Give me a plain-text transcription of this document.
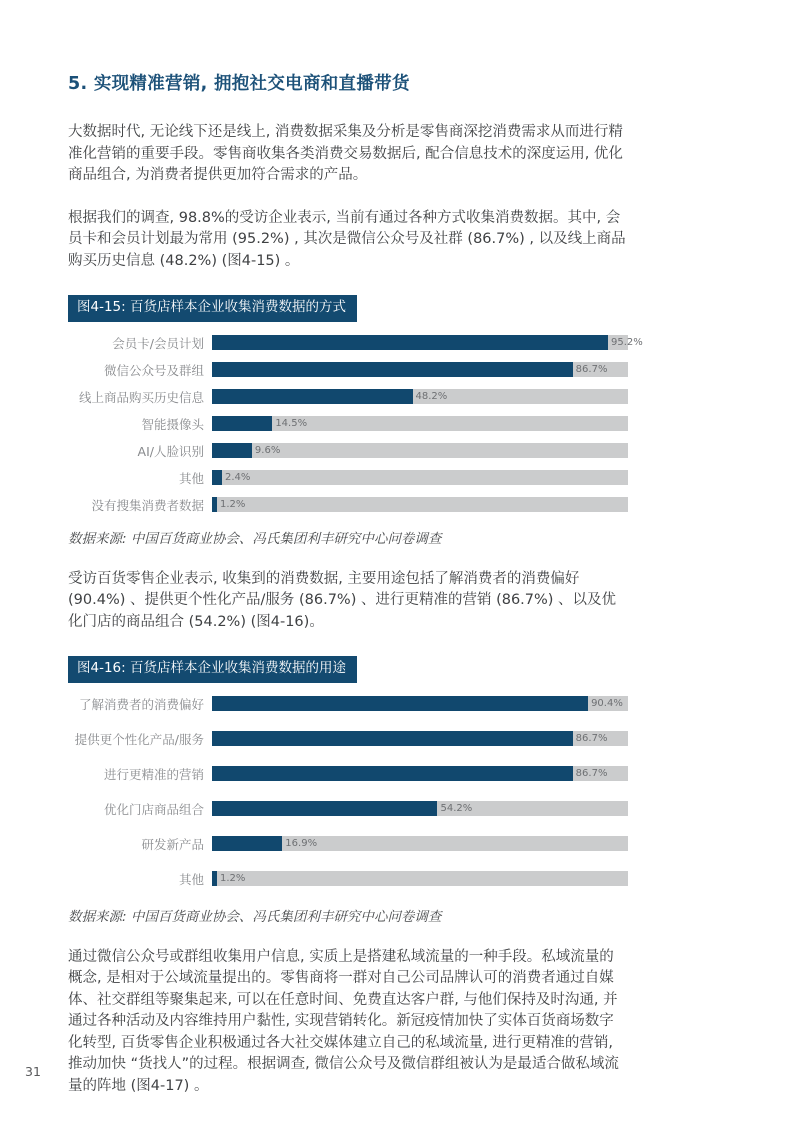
5. 实现精准营销, 拥抱社交电商和直播带货

大数据时代, 无论线下还是线上, 消费数据采集及分析是零售商深挖消费需求从而进行精准化营销的重要手段。零售商收集各类消费交易数据后, 配合信息技术的深度运用, 优化商品组合, 为消费者提供更加符合需求的产品。

根据我们的调查, 98.8%的受访企业表示, 当前有通过各种方式收集消费数据。其中, 会员卡和会员计划最为常用 (95.2%) , 其次是微信公众号及社群 (86.7%) , 以及线上商品购买历史信息 (48.2%) (图4-15) 。

图4-15: 百货店样本企业收集消费数据的方式
会员卡/会员计划	95.2%
微信公众号及群组	86.7%
线上商品购买历史信息	48.2%
智能摄像头	14.5%
AI/人脸识别	9.6%
其他 2.4%
没有搜集消费者数据 1.2%
数据来源: 中国百货商业协会、冯氏集团利丰研究中心问卷调查

受访百货零售企业表示, 收集到的消费数据, 主要用途包括了解消费者的消费偏好 (90.4%) 、提供更个性化产品/服务 (86.7%) 、进行更精准的营销 (86.7%) 、以及优化门店的商品组合 (54.2%) (图4-16)。

图4-16: 百货店样本企业收集消费数据的用途
了解消费者的消费偏好	90.4%
提供更个性化产品/服务	86.7%
进行更精准的营销	86.7%
优化门店商品组合	54.2%
研发新产品	16.9%
其他 1.2%
数据来源: 中国百货商业协会、冯氏集团利丰研究中心问卷调查

通过微信公众号或群组收集用户信息, 实质上是搭建私域流量的一种手段。私域流量的概念, 是相对于公域流量提出的。零售商将一群对自己公司品牌认可的消费者通过自媒体、社交群组等聚集起来, 可以在任意时间、免费直达客户群, 与他们保持及时沟通, 并通过各种活动及内容维持用户黏性, 实现营销转化。新冠疫情加快了实体百货商场数字化转型, 百货零售企业积极通过各大社交媒体建立自己的私域流量, 进行更精准的营销, 推动加快 “货找人”的过程。根据调查, 微信公众号及微信群组被认为是最适合做私域流量的阵地 (图4-17) 。

31
